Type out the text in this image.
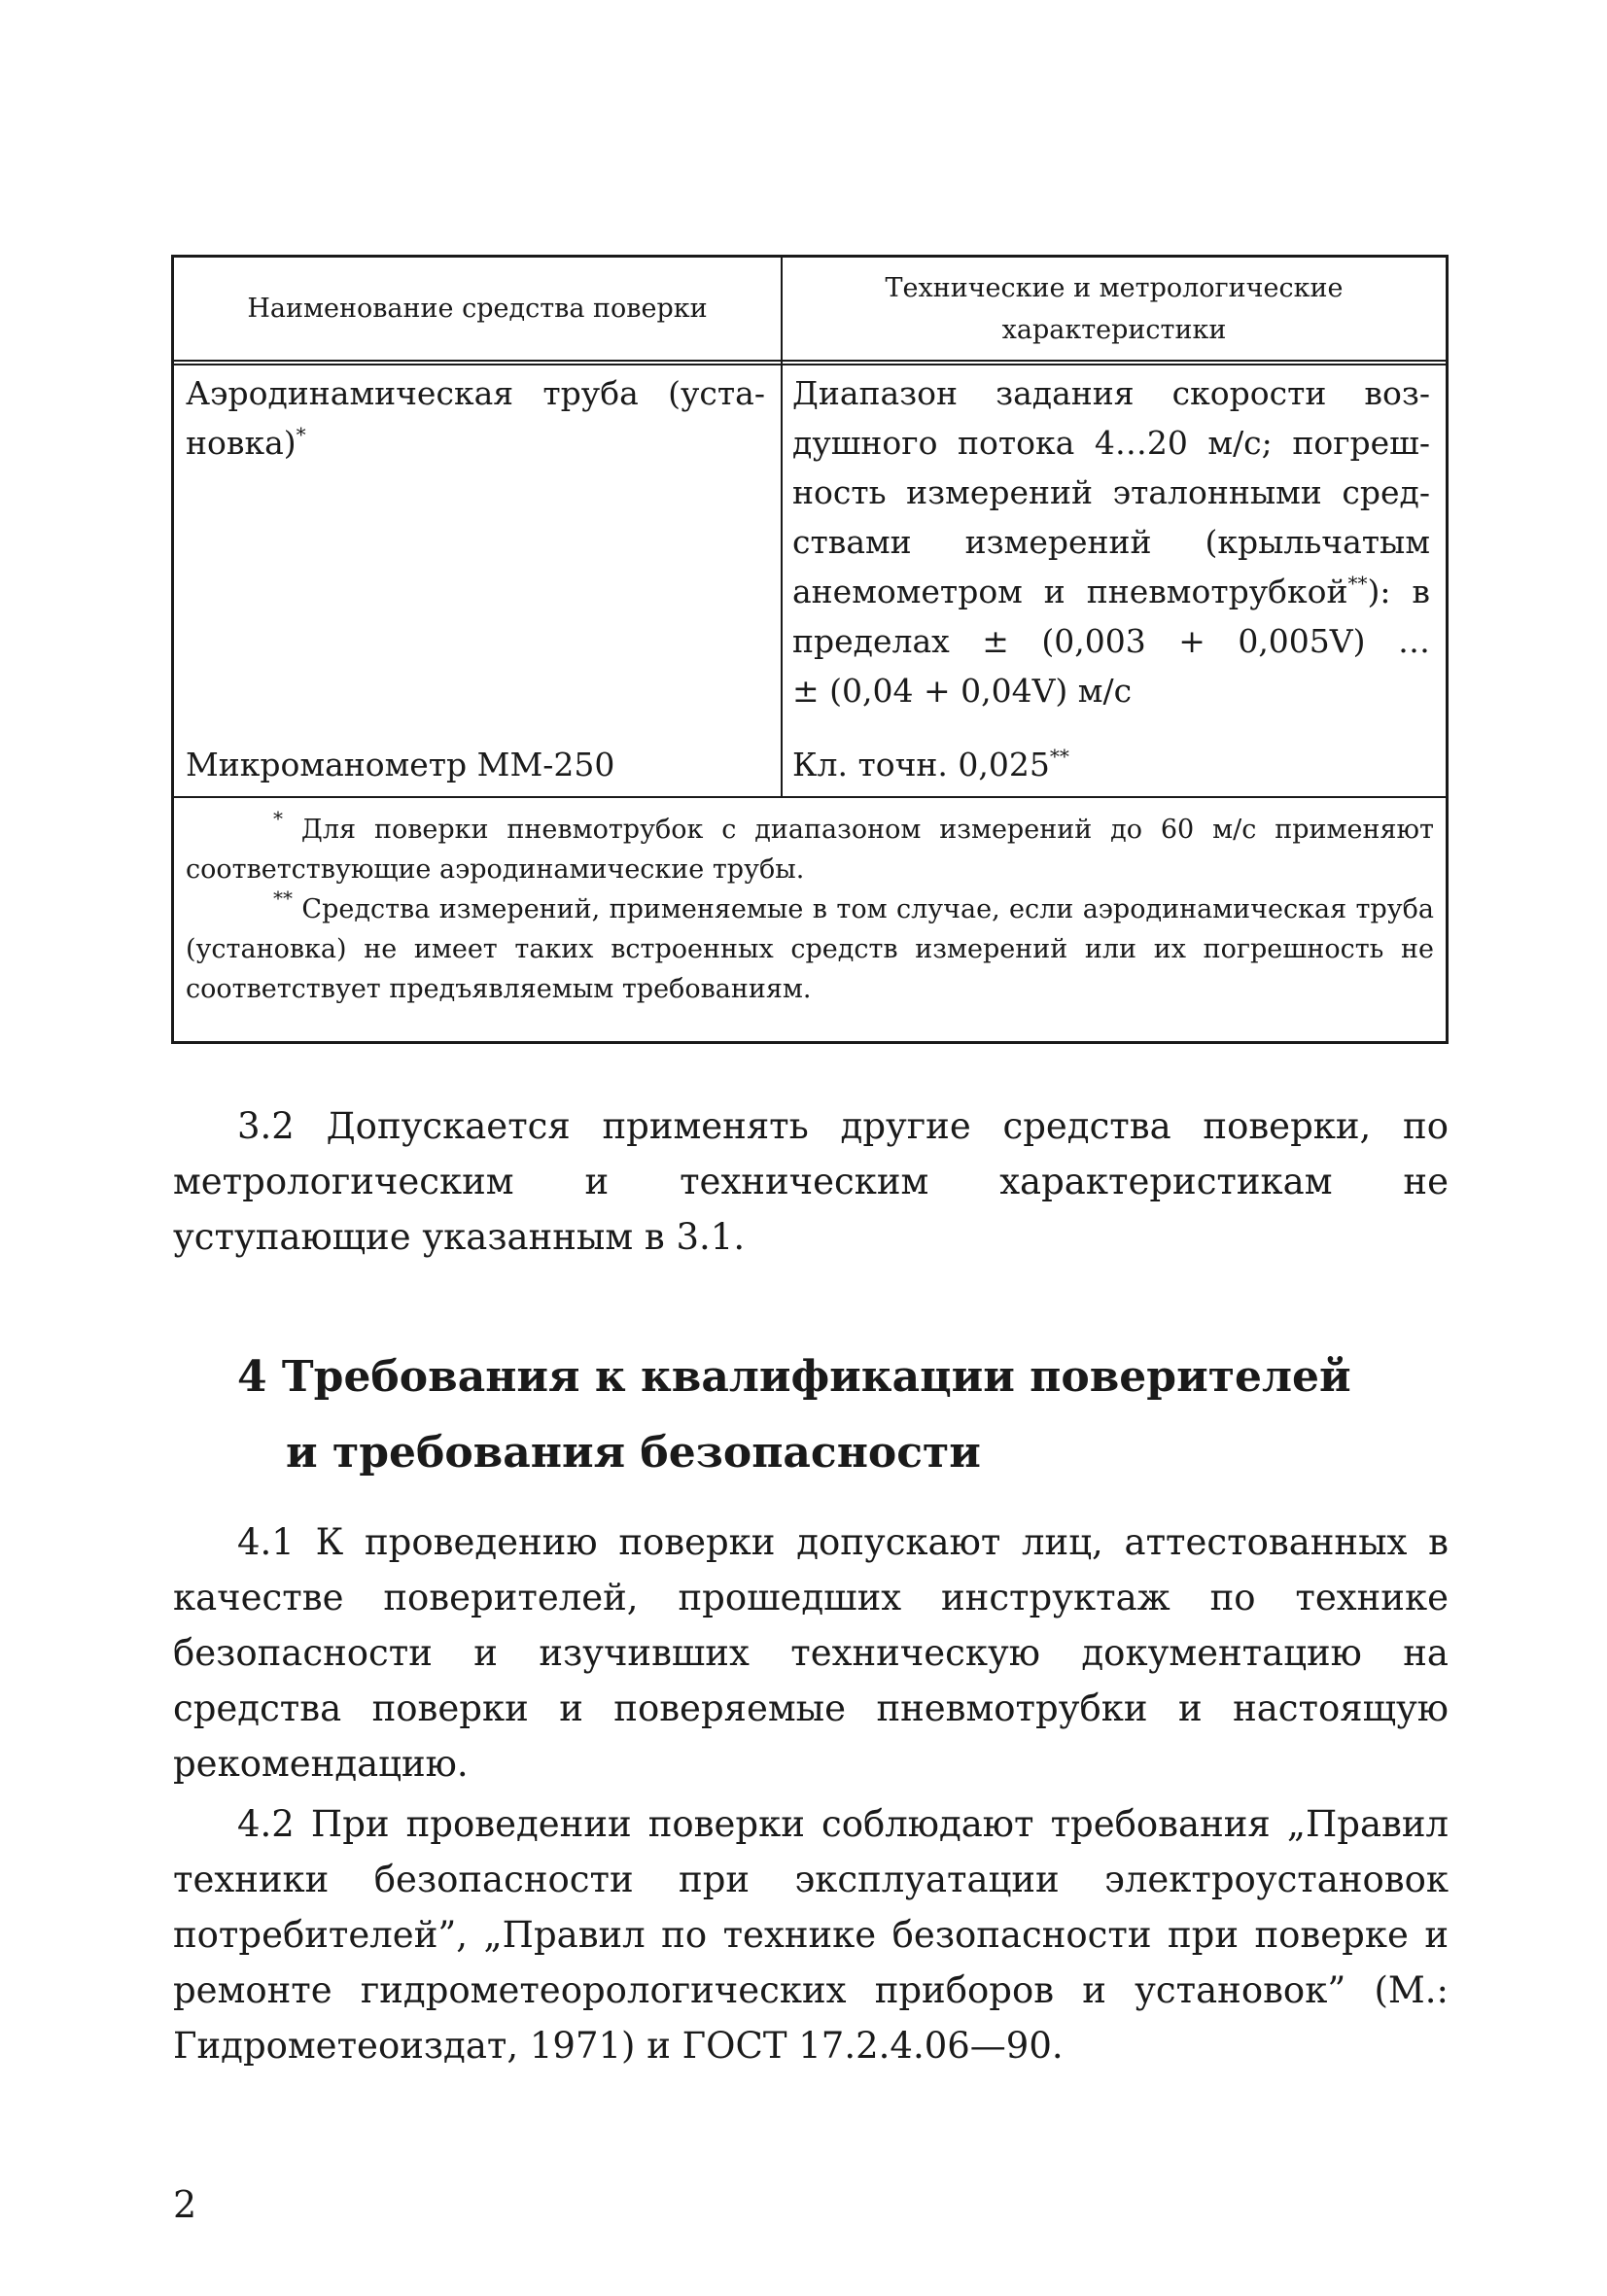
Наименование средства поверки
Технические и метрологические характеристики
Аэродинамическая труба (уста-
новка)*
Диапазон задания скорости воз-
душного потока 4…20 м/с; погреш-
ность измерений эталонными сред-
ствами измерений (крыльчатым
анемометром и пневмотрубкой**): в
пределах ± (0,003 + 0,005V) …
± (0,04 + 0,04V) м/с
Микроманометр ММ-250	Кл. точн. 0,025**

* Для поверки пневмотрубок с диапазоном измерений до 60 м/с применяют соответствующие аэродинамические трубы.

** Средства измерений, применяемые в том случае, если аэродинамическая труба (установка) не имеет таких встроенных средств измерений или их погрешность не соответствует предъявляемым требованиям.

3.2 Допускается применять другие средства поверки, по метрологическим и техническим характеристикам не уступающие указанным в 3.1.

4 Требования к квалификации поверителей
и требования безопасности

4.1 К проведению поверки допускают лиц, аттестованных в качестве поверителей, прошедших инструктаж по технике безопасности и изучивших техническую документацию на средства поверки и поверяемые пневмотрубки и настоящую рекомендацию.

4.2 При проведении поверки соблюдают требования „Правил техники безопасности при эксплуатации электроустановок потребителей”, „Правил по технике безопасности при поверке и ремонте гидрометеорологических приборов и установок” (М.: Гидрометеоиздат, 1971) и ГОСТ 17.2.4.06—90.

2
